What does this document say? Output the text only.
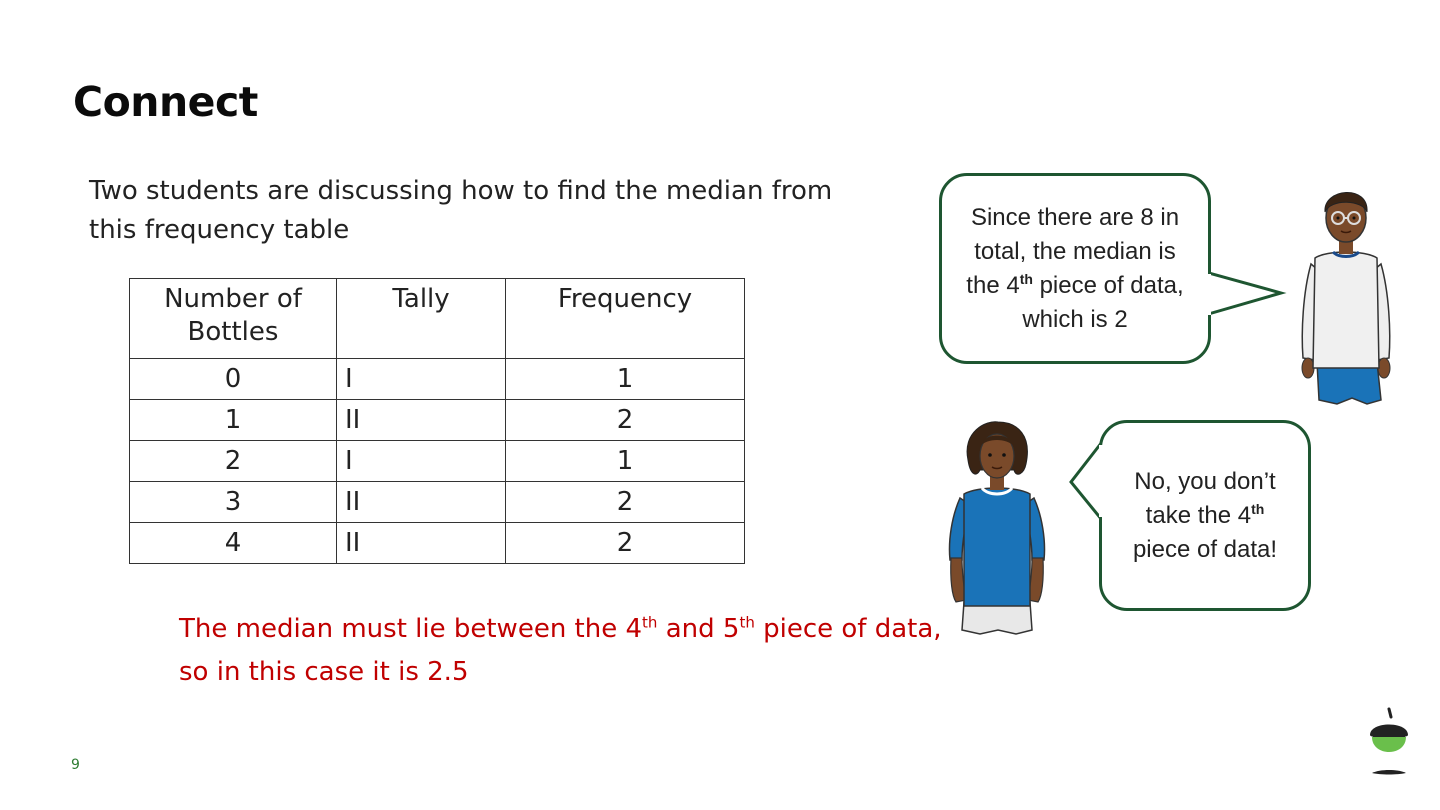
Connect
Two students are discussing how to find the median from this frequency table
Number of Bottles	Tally	Frequency
0	I	1
1	II	2
2	I	1
3	II	2
4	II	2
The median must lie between the 4th and 5th piece of data, so in this case it is 2.5
Since there are 8 in total, the median is the 4th piece of data, which is 2
No, you don’t take the 4th piece of data!
9
